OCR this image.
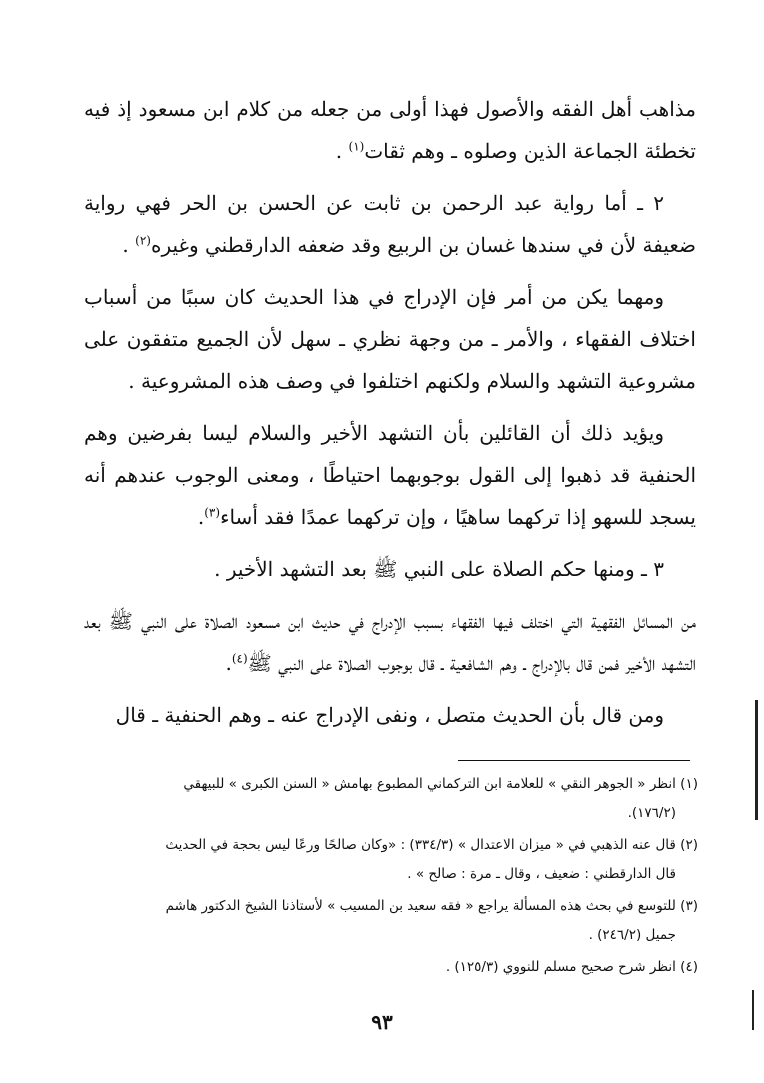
مذاهب أهل الفقه والأصول فهذا أولى من جعله من كلام ابن مسعود إذ فيه تخطئة الجماعة الذين وصلوه ـ وهم ثقات$^{(١)}$ .

٢ ـ أما رواية عبد الرحمن بن ثابت عن الحسن بن الحر فهي رواية ضعيفة لأن في سندها غسان بن الربيع وقد ضعفه الدارقطني وغيره$^{(٢)}$ .

ومهما يكن من أمر فإن الإدراج في هذا الحديث كان سببًا من أسباب اختلاف الفقهاء ، والأمر ـ من وجهة نظري ـ سهل لأن الجميع متفقون على مشروعية التشهد والسلام ولكنهم اختلفوا في وصف هذه المشروعية .

ويؤيد ذلك أن القائلين بأن التشهد الأخير والسلام ليسا بفرضين وهم الحنفية قد ذهبوا إلى القول بوجوبهما احتياطًا ، ومعنى الوجوب عندهم أنه يسجد للسهو إذا تركهما ساهيًا ، وإن تركهما عمدًا فقد أساء$^{(٣)}$.

٣ ـ ومنها حكم الصلاة على النبي ﷺ بعد التشهد الأخير .

من المسائل الفقهية التي اختلف فيها الفقهاء بسبب الإدراج في حديث ابن مسعود الصلاة على النبي ﷺ بعد التشهد الأخير فمن قال بالإدراج ـ وهم الشافعية ـ قال بوجوب الصلاة على النبي ﷺ$^{(٤)}$.

ومن قال بأن الحديث متصل ، ونفى الإدراج عنه ـ وهم الحنفية ـ قال

(١) انظر « الجوهر النقي » للعلامة ابن التركماني المطبوع بهامش « السنن الكبرى » للبيهقي
(١٧٦/٢).

(٢) قال عنه الذهبي في « ميزان الاعتدال » (٣٣٤/٣) : «وكان صالحًا ورعًا ليس بحجة في الحديث
قال الدارقطني : ضعيف ، وقال ـ مرة : صالح » .

(٣) للتوسع في بحث هذه المسألة يراجع « فقه سعيد بن المسيب » لأستاذنا الشيخ الدكتور هاشم
جميل (٢٤٦/٢) .

(٤) انظر شرح صحيح مسلم للنووي (١٢٥/٣) .

٩٣
